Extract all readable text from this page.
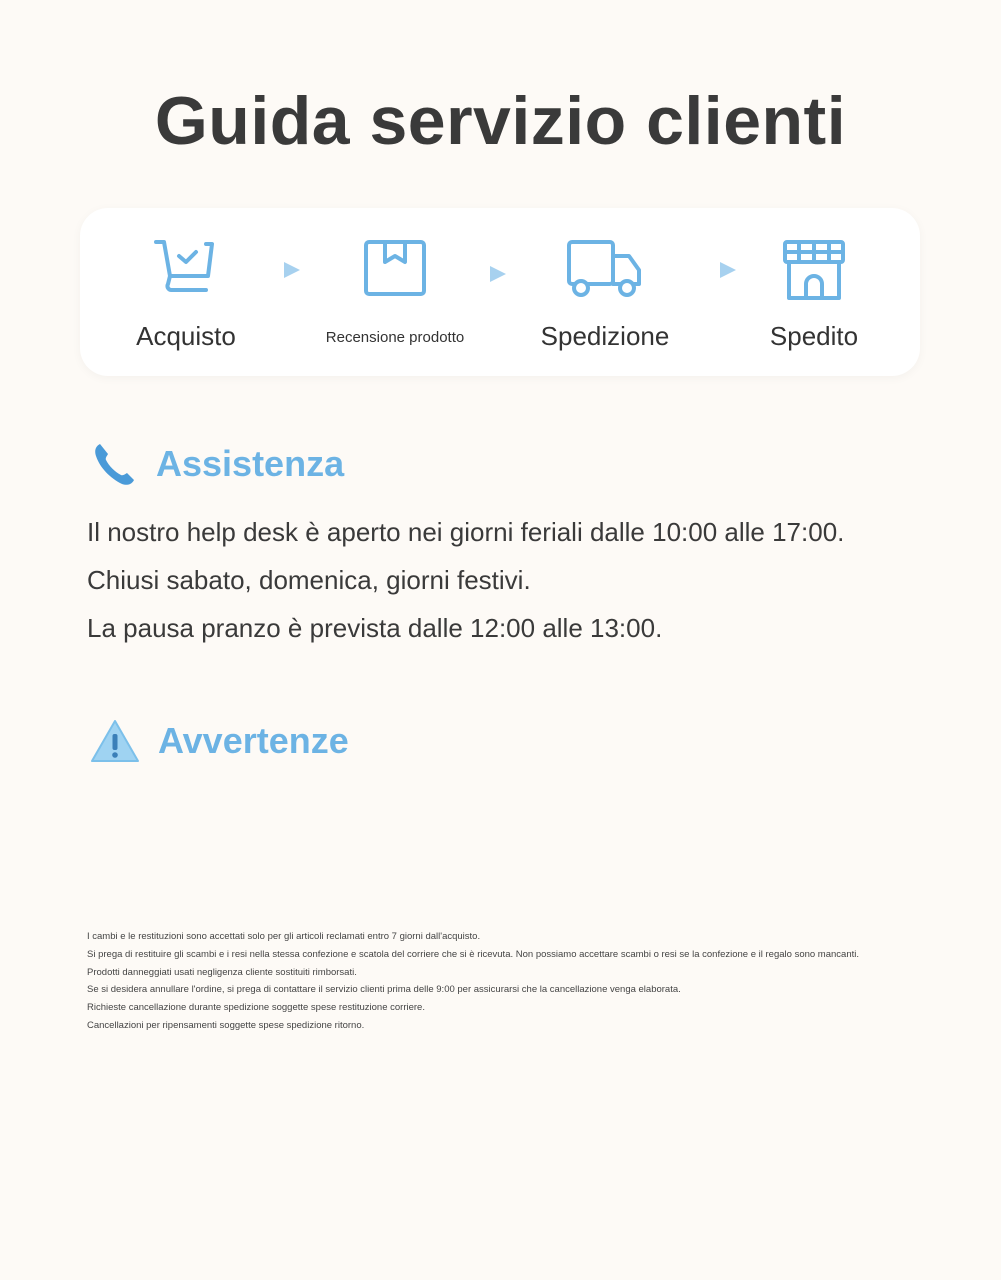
Guida servizio clienti
Acquisto	Recensione prodotto	Spedizione	Spedito
Assistenza
Il nostro help desk è aperto nei giorni feriali dalle 10:00 alle 17:00.
Chiusi sabato, domenica, giorni festivi.
La pausa pranzo è prevista dalle 12:00 alle 13:00.
Avvertenze
I cambi e le restituzioni sono accettati solo per gli articoli reclamati entro 7 giorni dall'acquisto.
Si prega di restituire gli scambi e i resi nella stessa confezione e scatola del corriere che si è ricevuta. Non possiamo accettare scambi o resi se la confezione e il regalo sono mancanti.
Prodotti danneggiati usati negligenza cliente sostituiti rimborsati.
Se si desidera annullare l'ordine, si prega di contattare il servizio clienti prima delle 9:00 per assicurarsi che la cancellazione venga elaborata.
Richieste cancellazione durante spedizione soggette spese restituzione corriere.
Cancellazioni per ripensamenti soggette spese spedizione ritorno.
